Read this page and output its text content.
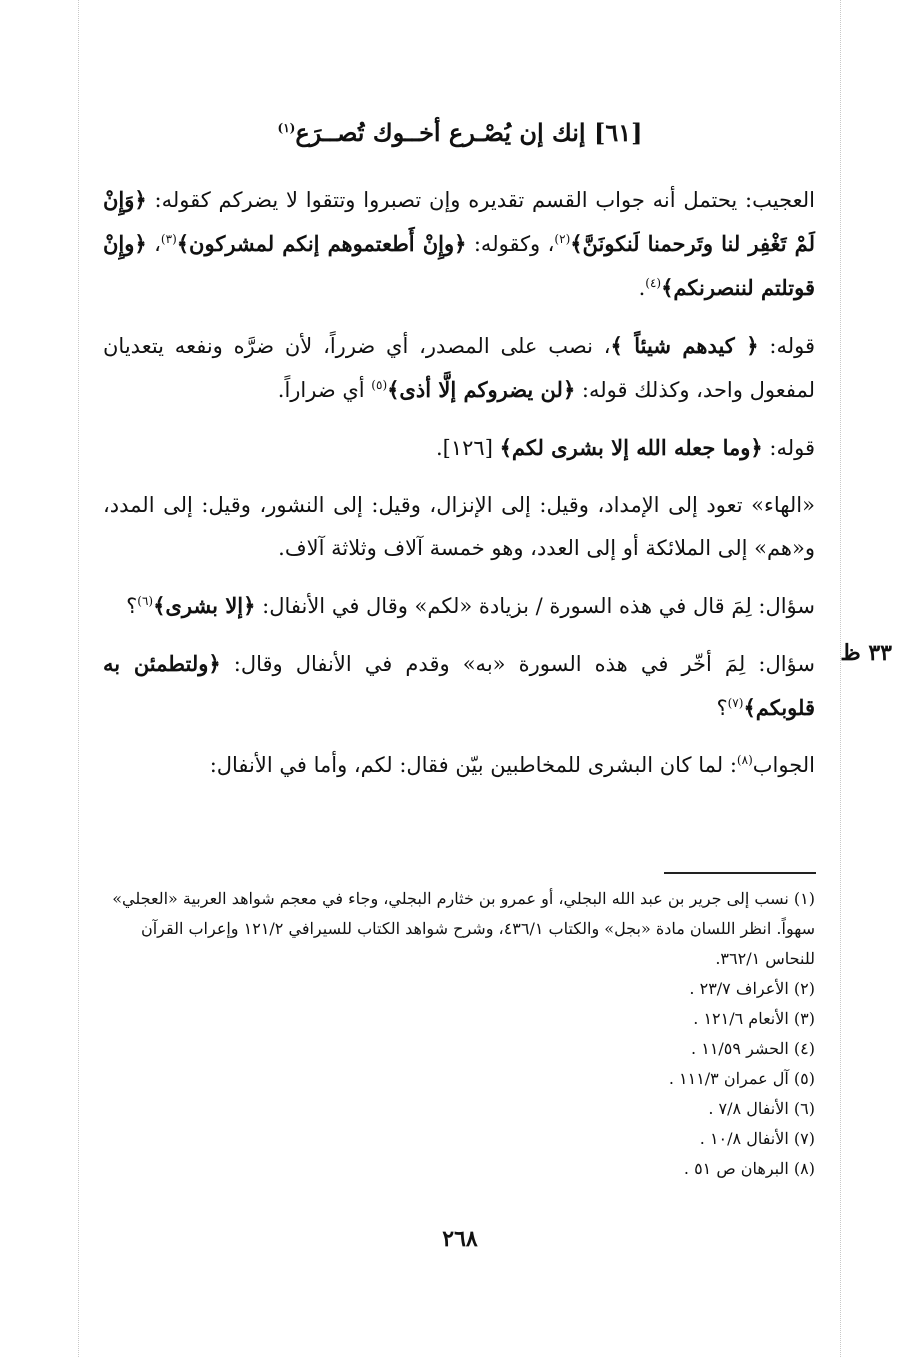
[٦١] إنك إن يُصْـرع أخــوك تُصــرَع$^{(١)}$

العجيب: يحتمل أنه جواب القسم تقديره وإن تصبروا وتتقوا لا يضركم كقوله: ﴿وَإِنْ لَمْ تَغْفِر لنا وتَرحمنا لَنكونَنَّ﴾$^{(٢)}$، وكقوله: ﴿وإِنْ أَطعتموهم إنكم لمشركون﴾$^{(٣)}$، ﴿وإِنْ قوتلتم لننصرنكم﴾$^{(٤)}$.

قوله: ﴿ كيدهم شيئاً ﴾، نصب على المصدر، أي ضرراً، لأن ضرَّه ونفعه يتعديان لمفعول واحد، وكذلك قوله: ﴿لن يضروكم إلَّا أذى﴾$^{(٥)}$ أي ضراراً.

قوله: ﴿وما جعله الله إلا بشرى لكم﴾ [١٢٦].

«الهاء» تعود إلى الإمداد، وقيل: إلى الإنزال، وقيل: إلى النشور، وقيل: إلى المدد، و«هم» إلى الملائكة أو إلى العدد، وهو خمسة آلاف وثلاثة آلاف.

سؤال: لِمَ قال في هذه السورة / بزيادة «لكم» وقال في الأنفال: ﴿إلا بشرى﴾$^{(٦)}$؟

سؤال: لِمَ أخّر في هذه السورة «به» وقدم في الأنفال وقال: ﴿ولتطمئن به قلوبكم﴾$^{(٧)}$؟

الجواب$^{(٨)}$: لما كان البشرى للمخاطبين بيّن فقال: لكم، وأما في الأنفال:

٣٣ ظ

(١) نسب إلى جرير بن عبد الله البجلي، أو عمرو بن خثارم البجلي، وجاء في معجم شواهد العربية «العجلي» سهواً. انظر اللسان مادة «بجل» والكتاب ٤٣٦/١، وشرح شواهد الكتاب للسيرافي ١٢١/٢ وإعراب القرآن للنحاس ٣٦٢/١.

(٢) الأعراف ٢٣/٧ .

(٣) الأنعام ١٢١/٦ .

(٤) الحشر ١١/٥٩ .

(٥) آل عمران ١١١/٣ .

(٦) الأنفال ٧/٨ .

(٧) الأنفال ١٠/٨ .

(٨) البرهان ص ٥١ .

٢٦٨
